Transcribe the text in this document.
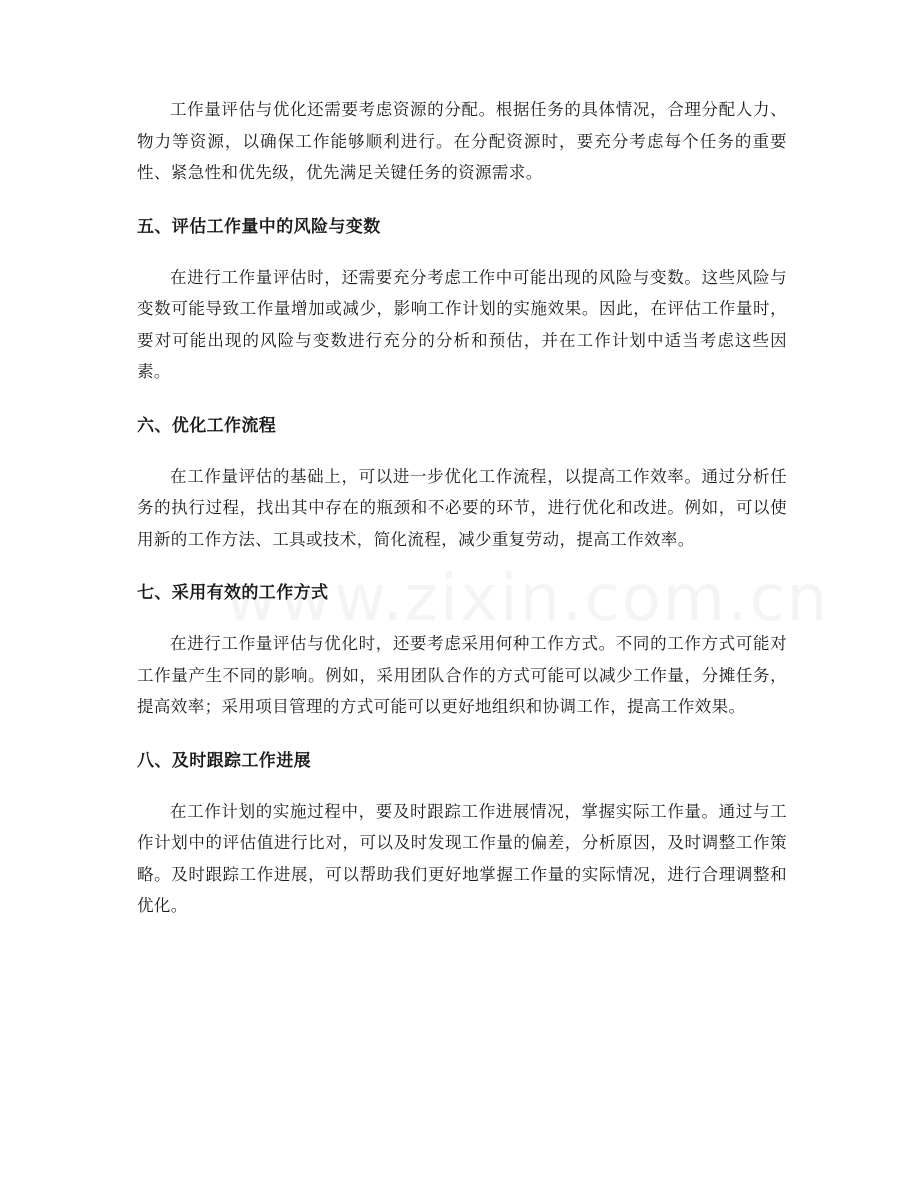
工作量评估与优化还需要考虑资源的分配。根据任务的具体情况，合理分配人力、物力等资源，以确保工作能够顺利进行。在分配资源时，要充分考虑每个任务的重要性、紧急性和优先级，优先满足关键任务的资源需求。

五、评估工作量中的风险与变数

在进行工作量评估时，还需要充分考虑工作中可能出现的风险与变数。这些风险与变数可能导致工作量增加或减少，影响工作计划的实施效果。因此，在评估工作量时，要对可能出现的风险与变数进行充分的分析和预估，并在工作计划中适当考虑这些因素。

六、优化工作流程

在工作量评估的基础上，可以进一步优化工作流程，以提高工作效率。通过分析任务的执行过程，找出其中存在的瓶颈和不必要的环节，进行优化和改进。例如，可以使用新的工作方法、工具或技术，简化流程，减少重复劳动，提高工作效率。

七、采用有效的工作方式

在进行工作量评估与优化时，还要考虑采用何种工作方式。不同的工作方式可能对工作量产生不同的影响。例如，采用团队合作的方式可能可以减少工作量，分摊任务，提高效率；采用项目管理的方式可能可以更好地组织和协调工作，提高工作效果。

八、及时跟踪工作进展

在工作计划的实施过程中，要及时跟踪工作进展情况，掌握实际工作量。通过与工作计划中的评估值进行比对，可以及时发现工作量的偏差，分析原因，及时调整工作策略。及时跟踪工作进展，可以帮助我们更好地掌握工作量的实际情况，进行合理调整和优化。
